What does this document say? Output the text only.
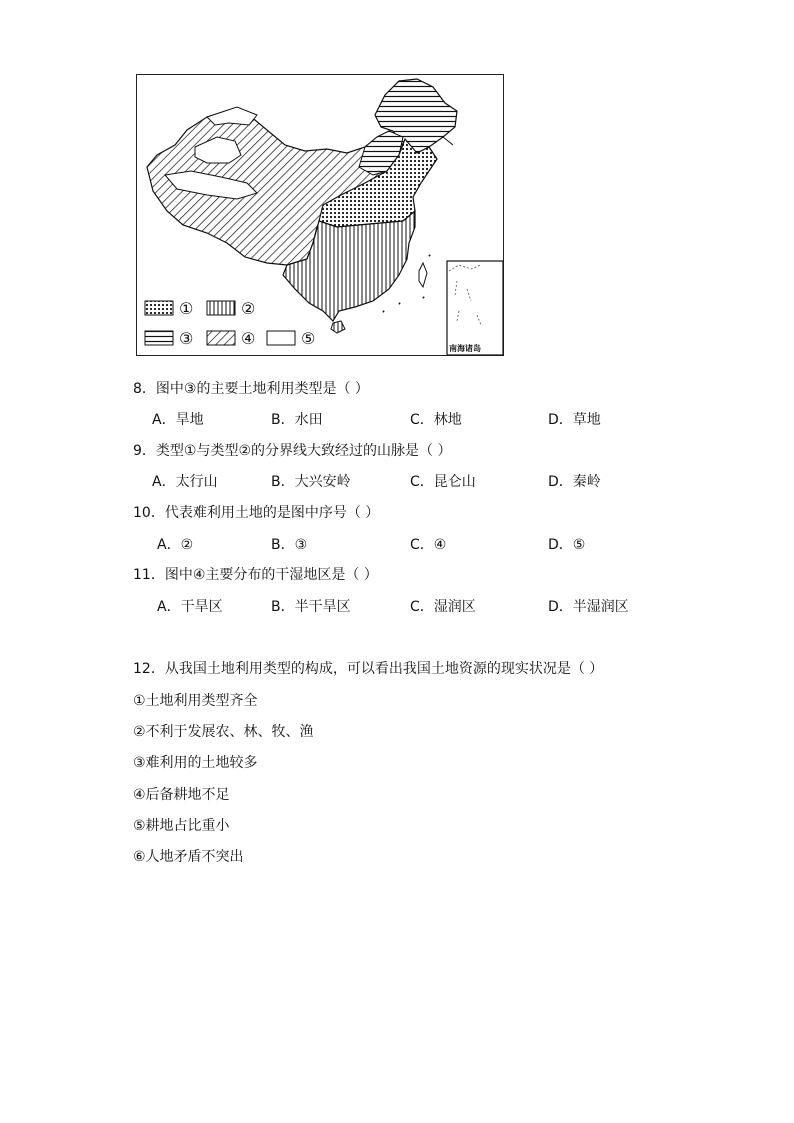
①	②
③	④	⑤
南海诸岛
8．图中③的主要土地利用类型是（ ）
A．旱地	B．水田	C．林地	D．草地
9．类型①与类型②的分界线大致经过的山脉是（ ）
A．太行山	B．大兴安岭	C．昆仑山	D．秦岭
10．代表难利用土地的是图中序号（ ）
A．②	B．③	C．④	D．⑤
11．图中④主要分布的干湿地区是（ ）
A．干旱区	B．半干旱区	C．湿润区	D．半湿润区
12．从我国土地利用类型的构成，可以看出我国土地资源的现实状况是（ ）
①土地利用类型齐全
②不利于发展农、林、牧、渔
③难利用的土地较多
④后备耕地不足
⑤耕地占比重小
⑥人地矛盾不突出
